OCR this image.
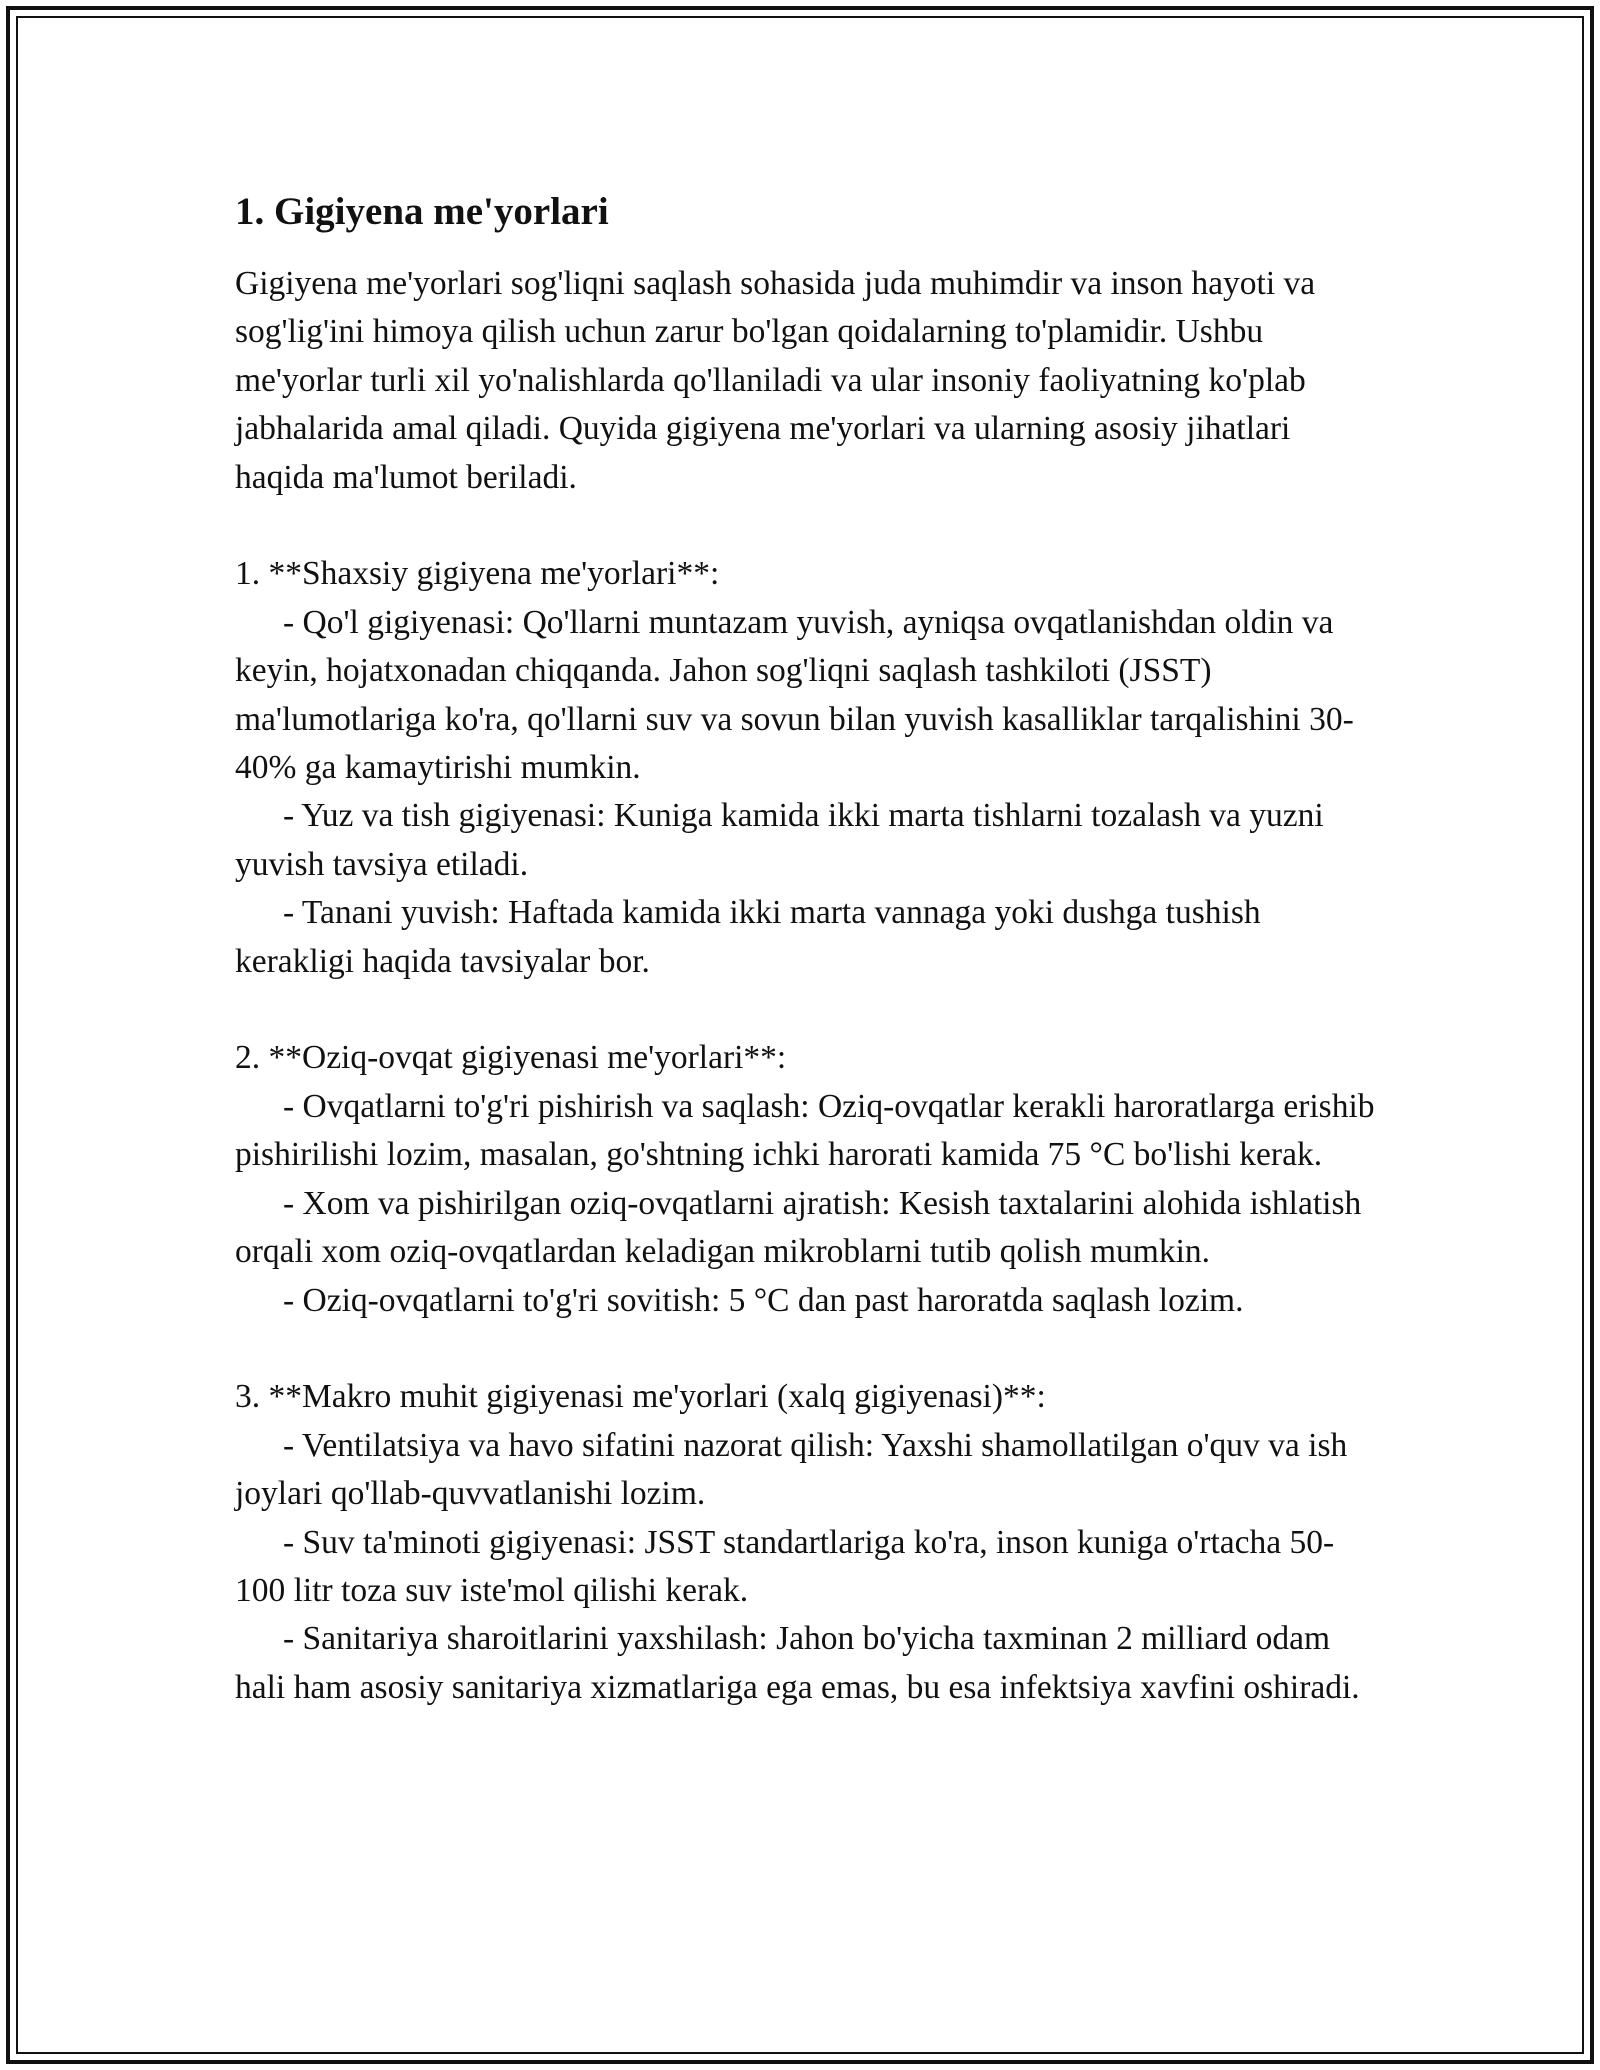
1. Gigiyena me'yorlari

Gigiyena me'yorlari sog'liqni saqlash sohasida juda muhimdir va inson hayoti va sog'lig'ini himoya qilish uchun zarur bo'lgan qoidalarning to'plamidir. Ushbu me'yorlar turli xil yo'nalishlarda qo'llaniladi va ular insoniy faoliyatning ko'plab jabhalarida amal qiladi. Quyida gigiyena me'yorlari va ularning asosiy jihatlari haqida ma'lumot beriladi.

1. **Shaxsiy gigiyena me'yorlari**:

- Qo'l gigiyenasi: Qo'llarni muntazam yuvish, ayniqsa ovqatlanishdan oldin va keyin, hojatxonadan chiqqanda. Jahon sog'liqni saqlash tashkiloti (JSST) ma'lumotlariga ko'ra, qo'llarni suv va sovun bilan yuvish kasalliklar tarqalishini 30-40% ga kamaytirishi mumkin.

- Yuz va tish gigiyenasi: Kuniga kamida ikki marta tishlarni tozalash va yuzni yuvish tavsiya etiladi.

- Tanani yuvish: Haftada kamida ikki marta vannaga yoki dushga tushish kerakligi haqida tavsiyalar bor.

2. **Oziq-ovqat gigiyenasi me'yorlari**:

- Ovqatlarni to'g'ri pishirish va saqlash: Oziq-ovqatlar kerakli haroratlarga erishib pishirilishi lozim, masalan, go'shtning ichki harorati kamida 75 °C bo'lishi kerak.

- Xom va pishirilgan oziq-ovqatlarni ajratish: Kesish taxtalarini alohida ishlatish orqali xom oziq-ovqatlardan keladigan mikroblarni tutib qolish mumkin.

- Oziq-ovqatlarni to'g'ri sovitish: 5 °C dan past haroratda saqlash lozim.

3. **Makro muhit gigiyenasi me'yorlari (xalq gigiyenasi)**:

- Ventilatsiya va havo sifatini nazorat qilish: Yaxshi shamollatilgan o'quv va ish joylari qo'llab-quvvatlanishi lozim.

- Suv ta'minoti gigiyenasi: JSST standartlariga ko'ra, inson kuniga o'rtacha 50-100 litr toza suv iste'mol qilishi kerak.

- Sanitariya sharoitlarini yaxshilash: Jahon bo'yicha taxminan 2 milliard odam hali ham asosiy sanitariya xizmatlariga ega emas, bu esa infektsiya xavfini oshiradi.
